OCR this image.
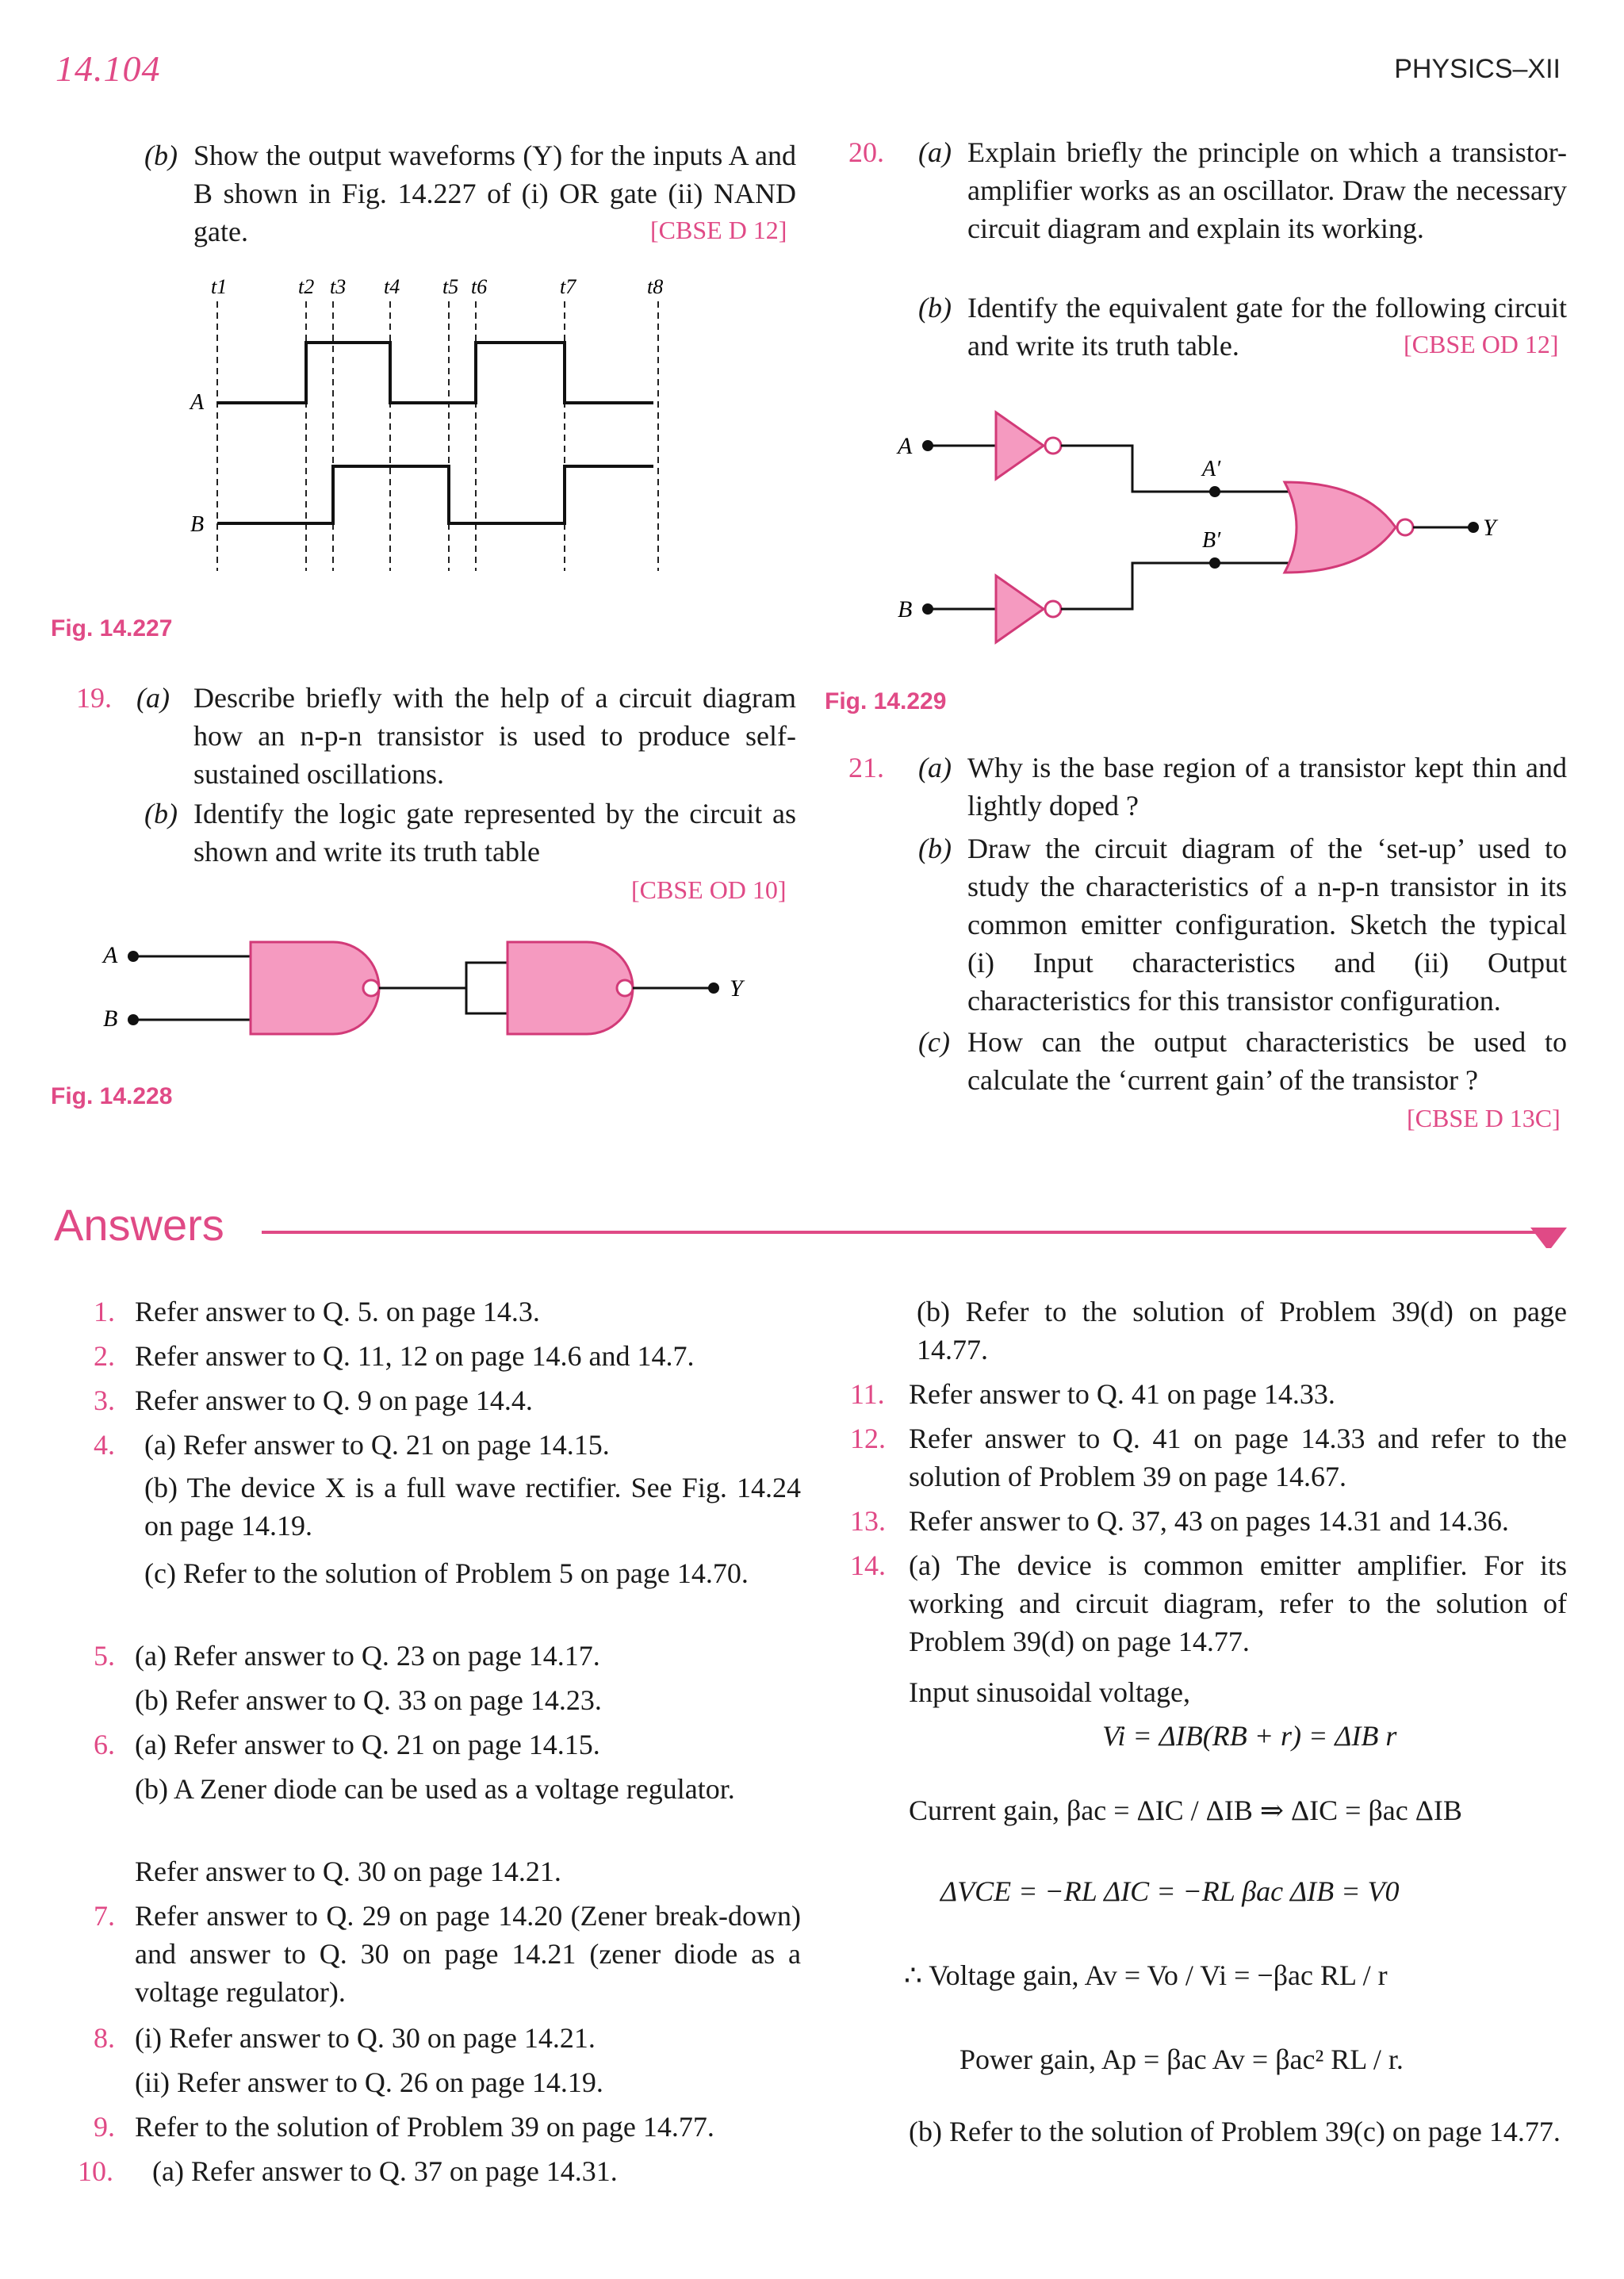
14.104	PHYSICS–XII
(b) Show the output waveforms (Y) for the inputs A and B shown in Fig. 14.227 of (i) OR gate (ii) NAND gate.	[CBSE D 12]
t1	t2 t3 t4 t5 t6	t7	t8
A
B
Fig. 14.227
19. (a) Describe briefly with the help of a circuit diagram how an n-p-n transistor is used to produce self-sustained oscillations.
(b) Identify the logic gate represented by the circuit as shown and write its truth table
[CBSE OD 10]
A
B
Y
Fig. 14.228
20. (a) Explain briefly the principle on which a transistor-amplifier works as an oscillator. Draw the necessary circuit diagram and explain its working.
(b) Identify the equivalent gate for the following circuit and write its truth table.	[CBSE OD 12]
A
B
A′
B′	Y
Fig. 14.229
21. (a) Why is the base region of a transistor kept thin and lightly doped ?
(b) Draw the circuit diagram of the ‘set-up’ used to study the characteristics of a n-p-n transistor in its common emitter configuration. Sketch the typical (i) Input characteristics and (ii) Output characteristics for this transistor configuration.
(c) How can the output characteristics be used to calculate the ‘current gain’ of the transistor ?
[CBSE D 13C]
Answers
1. Refer answer to Q. 5. on page 14.3.
2. Refer answer to Q. 11, 12 on page 14.6 and 14.7.
3. Refer answer to Q. 9 on page 14.4.
4. (a) Refer answer to Q. 21 on page 14.15.
(b) The device X is a full wave rectifier. See Fig. 14.24 on page 14.19.
(c) Refer to the solution of Problem 5 on page 14.70.
5. (a) Refer answer to Q. 23 on page 14.17.
(b) Refer answer to Q. 33 on page 14.23.
6. (a) Refer answer to Q. 21 on page 14.15.
(b) A Zener diode can be used as a voltage regulator.
Refer answer to Q. 30 on page 14.21.
7. Refer answer to Q. 29 on page 14.20 (Zener break-down) and answer to Q. 30 on page 14.21 (zener diode as a voltage regulator).
8. (i) Refer answer to Q. 30 on page 14.21.
(ii) Refer answer to Q. 26 on page 14.19.
9. Refer to the solution of Problem 39 on page 14.77.
10. (a) Refer answer to Q. 37 on page 14.31.
(b) Refer to the solution of Problem 39(d) on page 14.77.
11. Refer answer to Q. 41 on page 14.33.
12. Refer answer to Q. 41 on page 14.33 and refer to the solution of Problem 39 on page 14.67.
13. Refer answer to Q. 37, 43 on pages 14.31 and 14.36.
14. (a) The device is common emitter amplifier. For its working and circuit diagram, refer to the solution of Problem 39(d) on page 14.77.
Input sinusoidal voltage,
Vi = ΔIB(RB + r) = ΔIB r
Current gain, βac = ΔIC / ΔIB ⇒ ΔIC = βac ΔIB
ΔVCE = −RL ΔIC = −RL βac ΔIB = V0
∴ Voltage gain, Av = Vo / Vi = −βac RL / r
Power gain, Ap = βac Av = βac² RL / r.
(b) Refer to the solution of Problem 39(c) on page 14.77.
